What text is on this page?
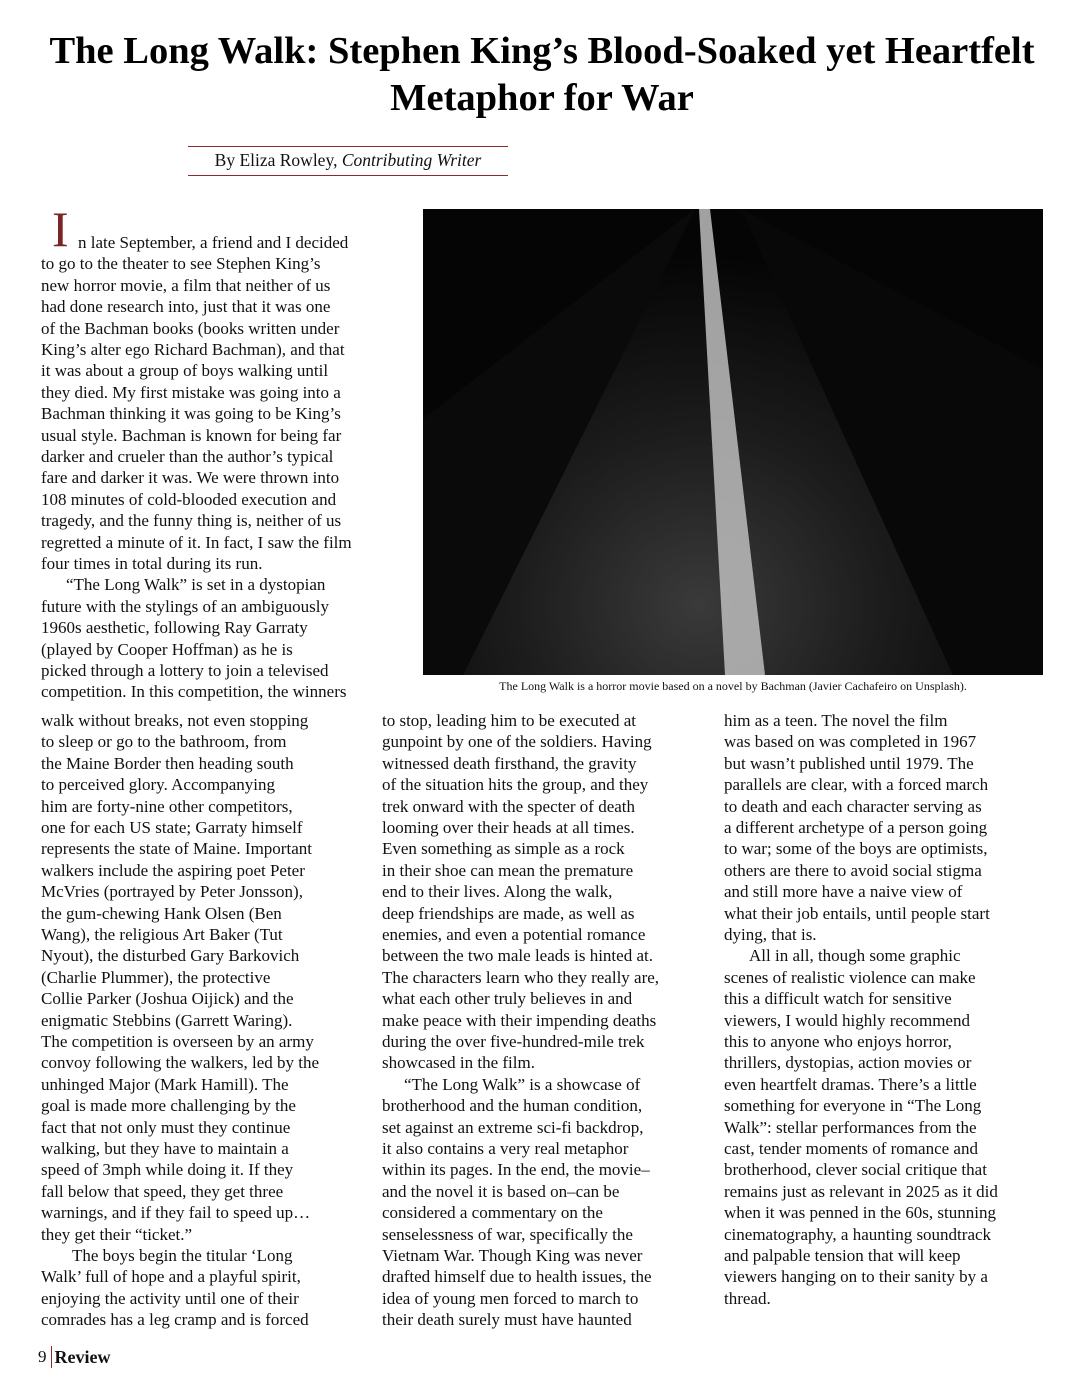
The Long Walk: Stephen King’s Blood-Soaked yet Heartfelt Metaphor for War
By Eliza Rowley, Contributing Writer
I
The Long Walk is a horror movie based on a novel by Bachman (Javier Cachafeiro on Unsplash).
n late September, a friend and I decided
to go to the theater to see Stephen King’s
new horror movie, a film that neither of us
had done research into, just that it was one
of the Bachman books (books written under
King’s alter ego Richard Bachman), and that
it was about a group of boys walking until
they died. My first mistake was going into a
Bachman thinking it was going to be King’s
usual style. Bachman is known for being far
darker and crueler than the author’s typical
fare and darker it was. We were thrown into
108 minutes of cold-blooded execution and
tragedy, and the funny thing is, neither of us
regretted a minute of it. In fact, I saw the film
four times in total during its run.
“The Long Walk” is set in a dystopian
future with the stylings of an ambiguously
1960s aesthetic, following Ray Garraty
(played by Cooper Hoffman) as he is
picked through a lottery to join a televised
competition. In this competition, the winners
walk without breaks, not even stopping
to sleep or go to the bathroom, from
the Maine Border then heading south
to perceived glory. Accompanying
him are forty-nine other competitors,
one for each US state; Garraty himself
represents the state of Maine. Important
walkers include the aspiring poet Peter
McVries (portrayed by Peter Jonsson),
the gum-chewing Hank Olsen (Ben
Wang), the religious Art Baker (Tut
Nyout), the disturbed Gary Barkovich
(Charlie Plummer), the protective
Collie Parker (Joshua Oijick) and the
enigmatic Stebbins (Garrett Waring).
The competition is overseen by an army
convoy following the walkers, led by the
unhinged Major (Mark Hamill). The
goal is made more challenging by the
fact that not only must they continue
walking, but they have to maintain a
speed of 3mph while doing it. If they
fall below that speed, they get three
warnings, and if they fail to speed up…
they get their “ticket.”
The boys begin the titular ‘Long
Walk’ full of hope and a playful spirit,
enjoying the activity until one of their
comrades has a leg cramp and is forced
to stop, leading him to be executed at
gunpoint by one of the soldiers. Having
witnessed death firsthand, the gravity
of the situation hits the group, and they
trek onward with the specter of death
looming over their heads at all times.
Even something as simple as a rock
in their shoe can mean the premature
end to their lives. Along the walk,
deep friendships are made, as well as
enemies, and even a potential romance
between the two male leads is hinted at.
The characters learn who they really are,
what each other truly believes in and
make peace with their impending deaths
during the over five-hundred-mile trek
showcased in the film.
“The Long Walk” is a showcase of
brotherhood and the human condition,
set against an extreme sci-fi backdrop,
it also contains a very real metaphor
within its pages. In the end, the movie–
and the novel it is based on–can be
considered a commentary on the
senselessness of war, specifically the
Vietnam War. Though King was never
drafted himself due to health issues, the
idea of young men forced to march to
their death surely must have haunted
him as a teen. The novel the film
was based on was completed in 1967
but wasn’t published until 1979. The
parallels are clear, with a forced march
to death and each character serving as
a different archetype of a person going
to war; some of the boys are optimists,
others are there to avoid social stigma
and still more have a naive view of
what their job entails, until people start
dying, that is.
All in all, though some graphic
scenes of realistic violence can make
this a difficult watch for sensitive
viewers, I would highly recommend
this to anyone who enjoys horror,
thrillers, dystopias, action movies or
even heartfelt dramas. There’s a little
something for everyone in “The Long
Walk”: stellar performances from the
cast, tender moments of romance and
brotherhood, clever social critique that
remains just as relevant in 2025 as it did
when it was penned in the 60s, stunning
cinematography, a haunting soundtrack
and palpable tension that will keep
viewers hanging on to their sanity by a
thread.
9 Review
